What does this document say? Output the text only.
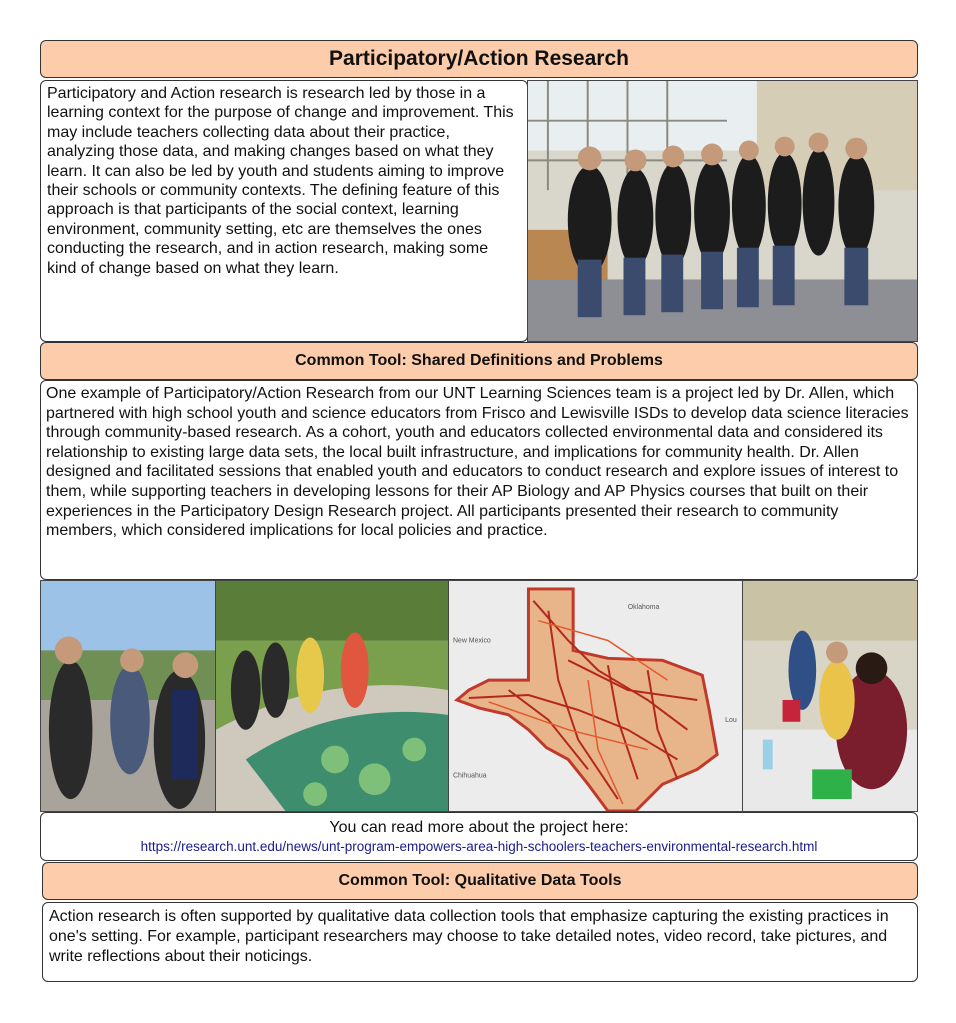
Participatory/Action Research
Participatory and Action research is research led by those in a learning context for the purpose of change and improvement. This may include teachers collecting data about their practice, analyzing those data, and making changes based on what they learn. It can also be led by youth and students aiming to improve their schools or community contexts. The defining feature of this approach is that participants of the social context, learning environment, community setting, etc are themselves the ones conducting the research, and in action research, making some kind of change based on what they learn.
Common Tool: Shared Definitions and Problems
One example of Participatory/Action Research from our UNT Learning Sciences team is a project led by Dr. Allen, which partnered with high school youth and science educators from Frisco and Lewisville ISDs to develop data science literacies through community-based research. As a cohort, youth and educators collected environmental data and considered its relationship to existing large data sets, the local built infrastructure, and implications for community health. Dr. Allen designed and facilitated sessions that enabled youth and educators to conduct research and explore issues of interest to them, while supporting teachers in developing lessons for their AP Biology and AP Physics courses that built on their experiences in the Participatory Design Research project. All participants presented their research to community members, which considered implications for local policies and practice.
Oklahoma
New Mexico
Chihuahua
Lou
You can read more about the project here:
https://research.unt.edu/news/unt-program-empowers-area-high-schoolers-teachers-environmental-research.html
Common Tool: Qualitative Data Tools
Action research is often supported by qualitative data collection tools that emphasize capturing the existing practices in one's setting. For example, participant researchers may choose to take detailed notes, video record, take pictures, and write reflections about their noticings.
